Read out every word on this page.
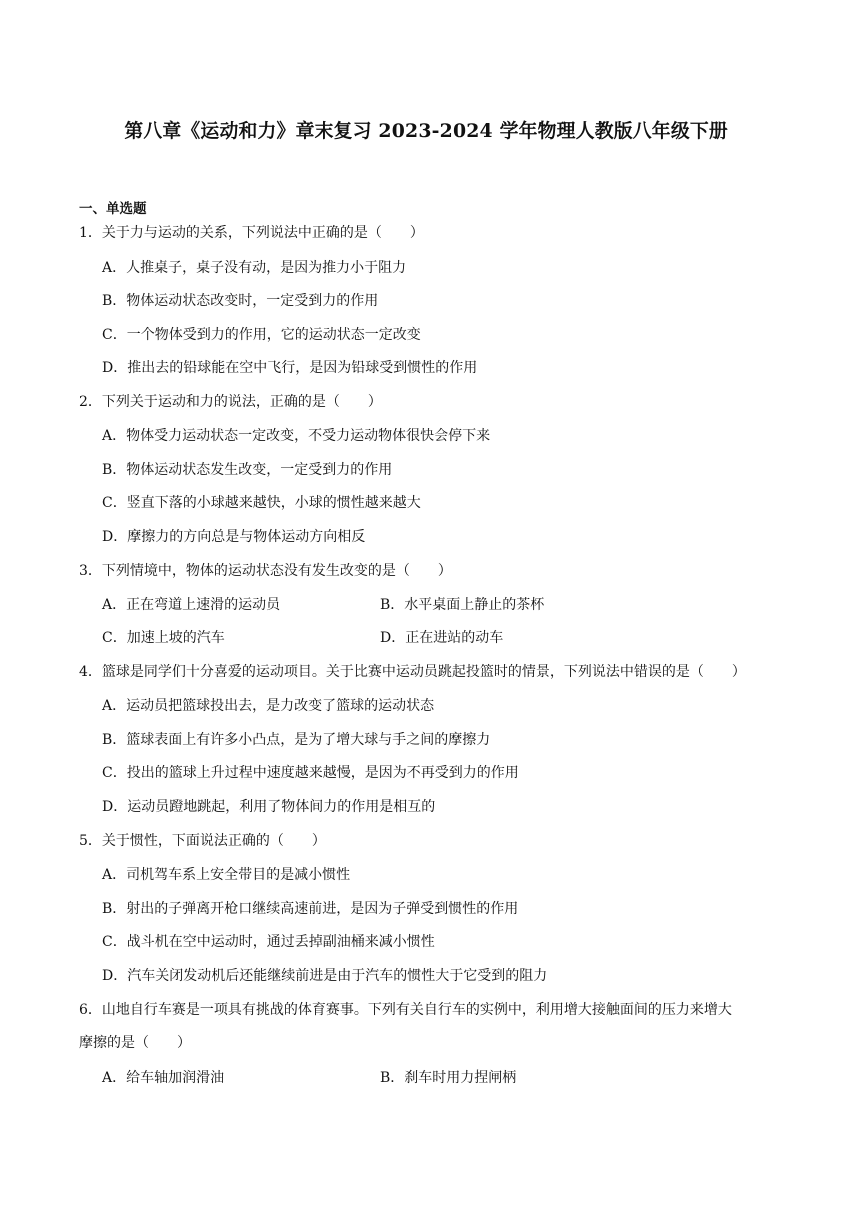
第八章《运动和力》章末复习 2023-2024 学年物理人教版八年级下册
一、单选题
1．关于力与运动的关系，下列说法中正确的是（　　）
A．人推桌子，桌子没有动，是因为推力小于阻力
B．物体运动状态改变时，一定受到力的作用
C．一个物体受到力的作用，它的运动状态一定改变
D．推出去的铅球能在空中飞行，是因为铅球受到惯性的作用
2．下列关于运动和力的说法，正确的是（　　）
A．物体受力运动状态一定改变，不受力运动物体很快会停下来
B．物体运动状态发生改变，一定受到力的作用
C．竖直下落的小球越来越快，小球的惯性越来越大
D．摩擦力的方向总是与物体运动方向相反
3．下列情境中，物体的运动状态没有发生改变的是（　　）
A．正在弯道上速滑的运动员	B．水平桌面上静止的茶杯
C．加速上坡的汽车	D．正在进站的动车
4．篮球是同学们十分喜爱的运动项目。关于比赛中运动员跳起投篮时的情景，下列说法中错误的是（　　）
A．运动员把篮球投出去，是力改变了篮球的运动状态
B．篮球表面上有许多小凸点，是为了增大球与手之间的摩擦力
C．投出的篮球上升过程中速度越来越慢，是因为不再受到力的作用
D．运动员蹬地跳起，利用了物体间力的作用是相互的
5．关于惯性，下面说法正确的（　　）
A．司机驾车系上安全带目的是减小惯性
B．射出的子弹离开枪口继续高速前进，是因为子弹受到惯性的作用
C．战斗机在空中运动时，通过丢掉副油桶来减小惯性
D．汽车关闭发动机后还能继续前进是由于汽车的惯性大于它受到的阻力
6．山地自行车赛是一项具有挑战的体育赛事。下列有关自行车的实例中，利用增大接触面间的压力来增大
摩擦的是（　　）
A．给车轴加润滑油	B．刹车时用力捏闸柄
